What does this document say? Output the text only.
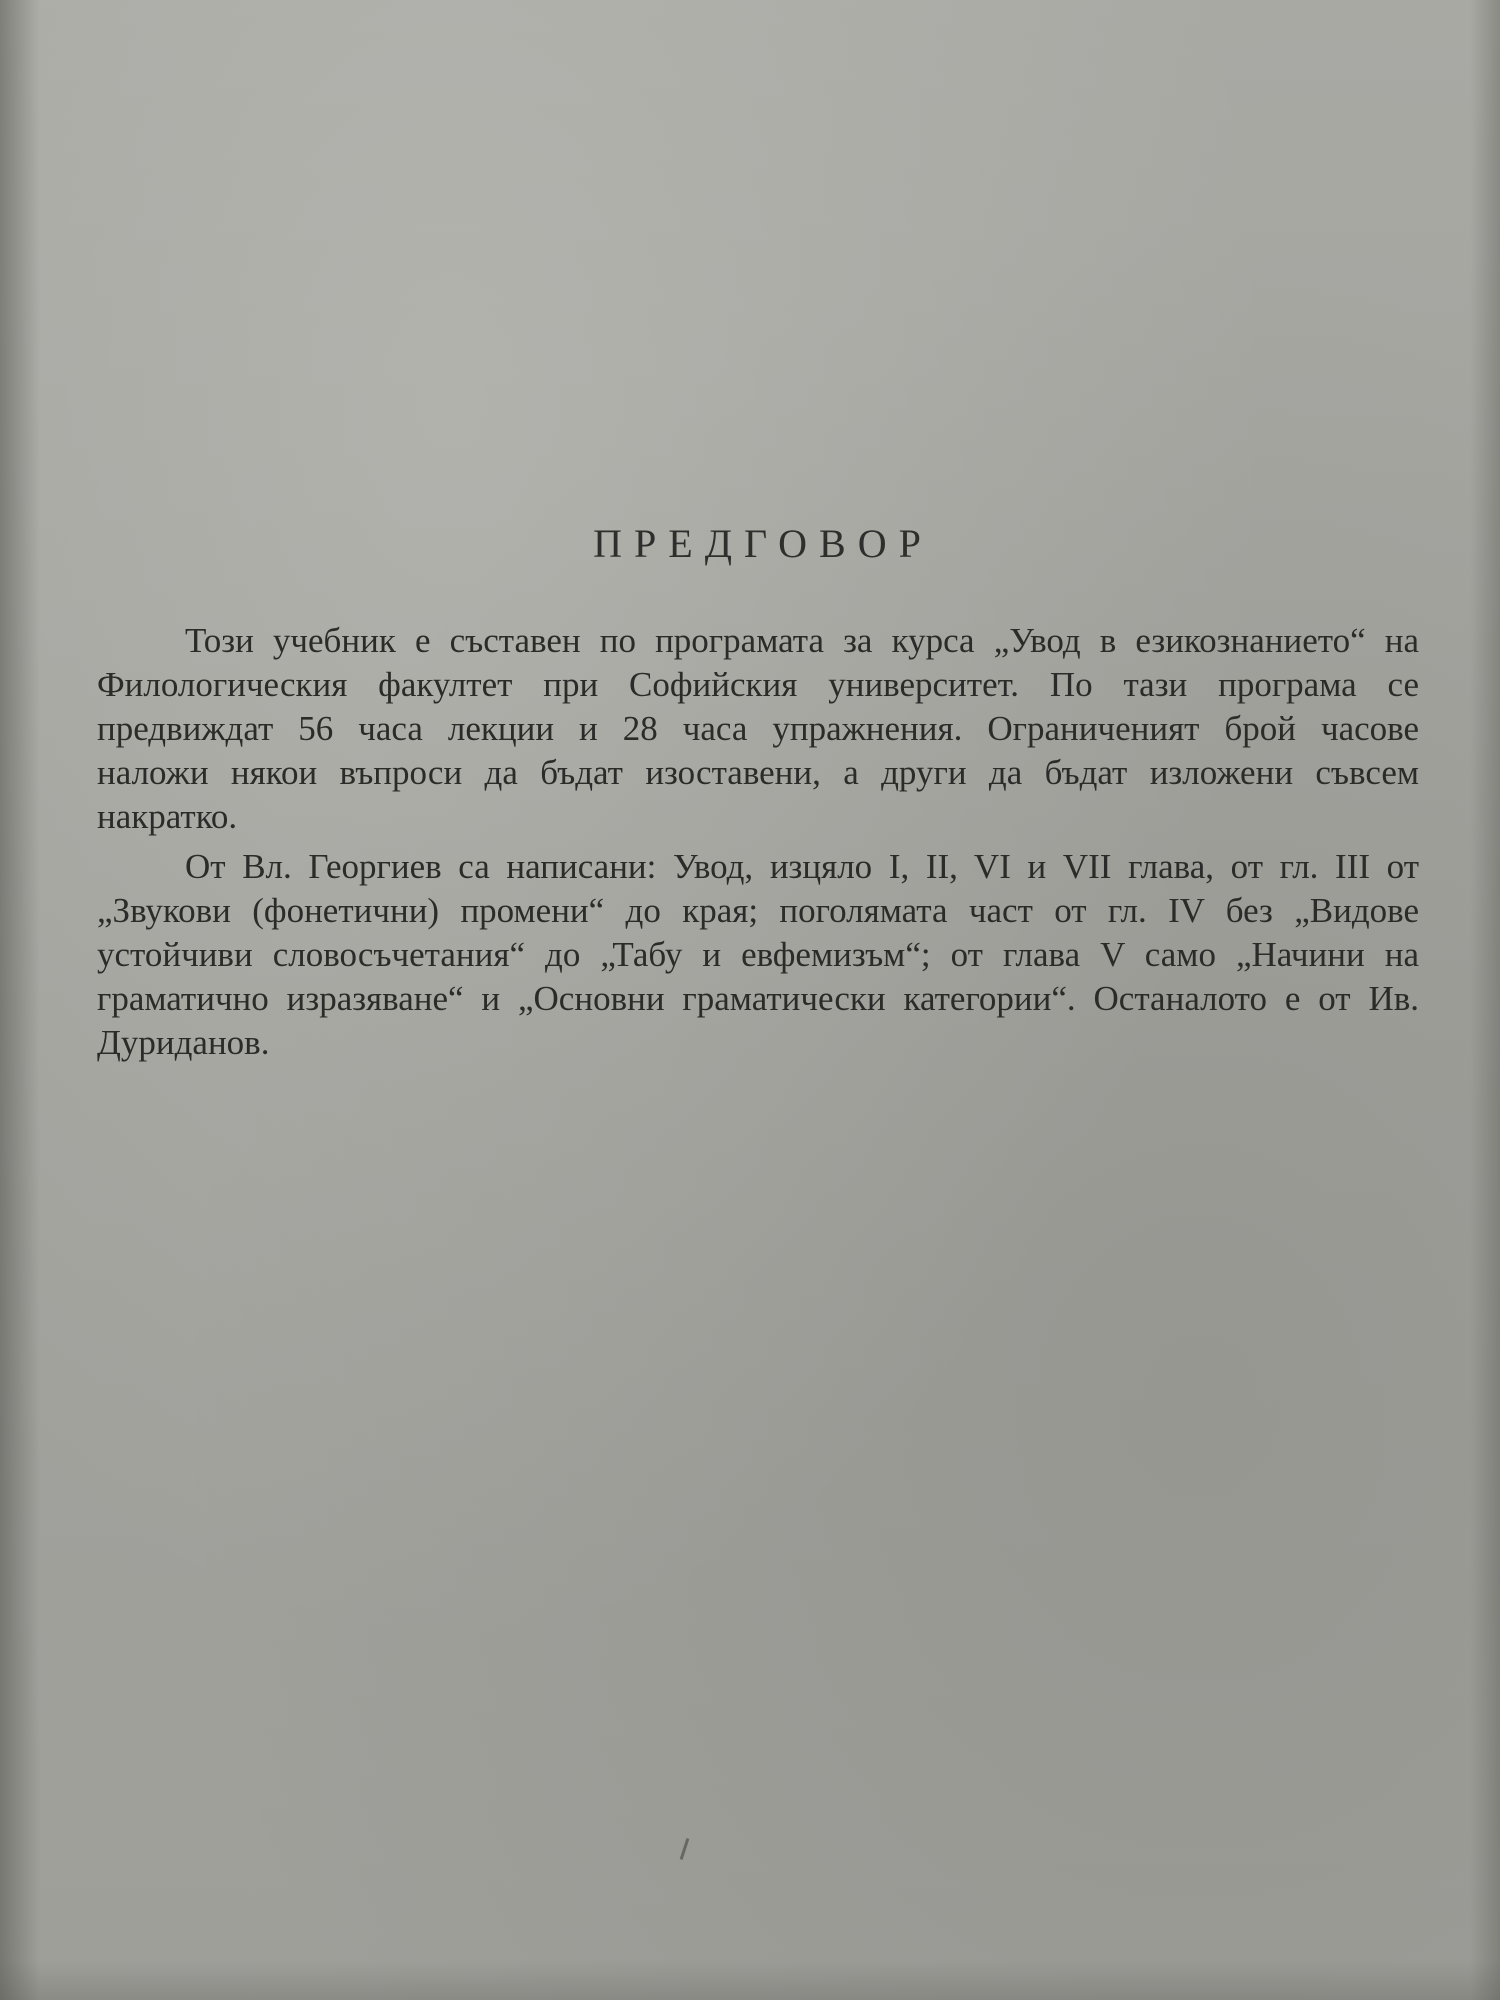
ПРЕДГОВОР

Този учебник е съставен по програмата за курса „Увод в езикознанието“ на Филологическия факултет при Софийския университет. По тази програма се предвиждат 56 часа лекции и 28 часа упражнения. Ограниченият брой часове наложи някои въпроси да бъдат изоставени, а други да бъдат изложени съвсем накратко.

От Вл. Георгиев са написани: Увод, изцяло I, II, VI и VII глава, от гл. III от „Звукови (фонетични) промени“ до края; поголямата част от гл. IV без „Видове устойчиви словосъчетания“ до „Табу и евфемизъм“; от глава V само „Начини на граматично изразяване“ и „Основни граматически категории“. Останалото е от Ив. Дуриданов.
